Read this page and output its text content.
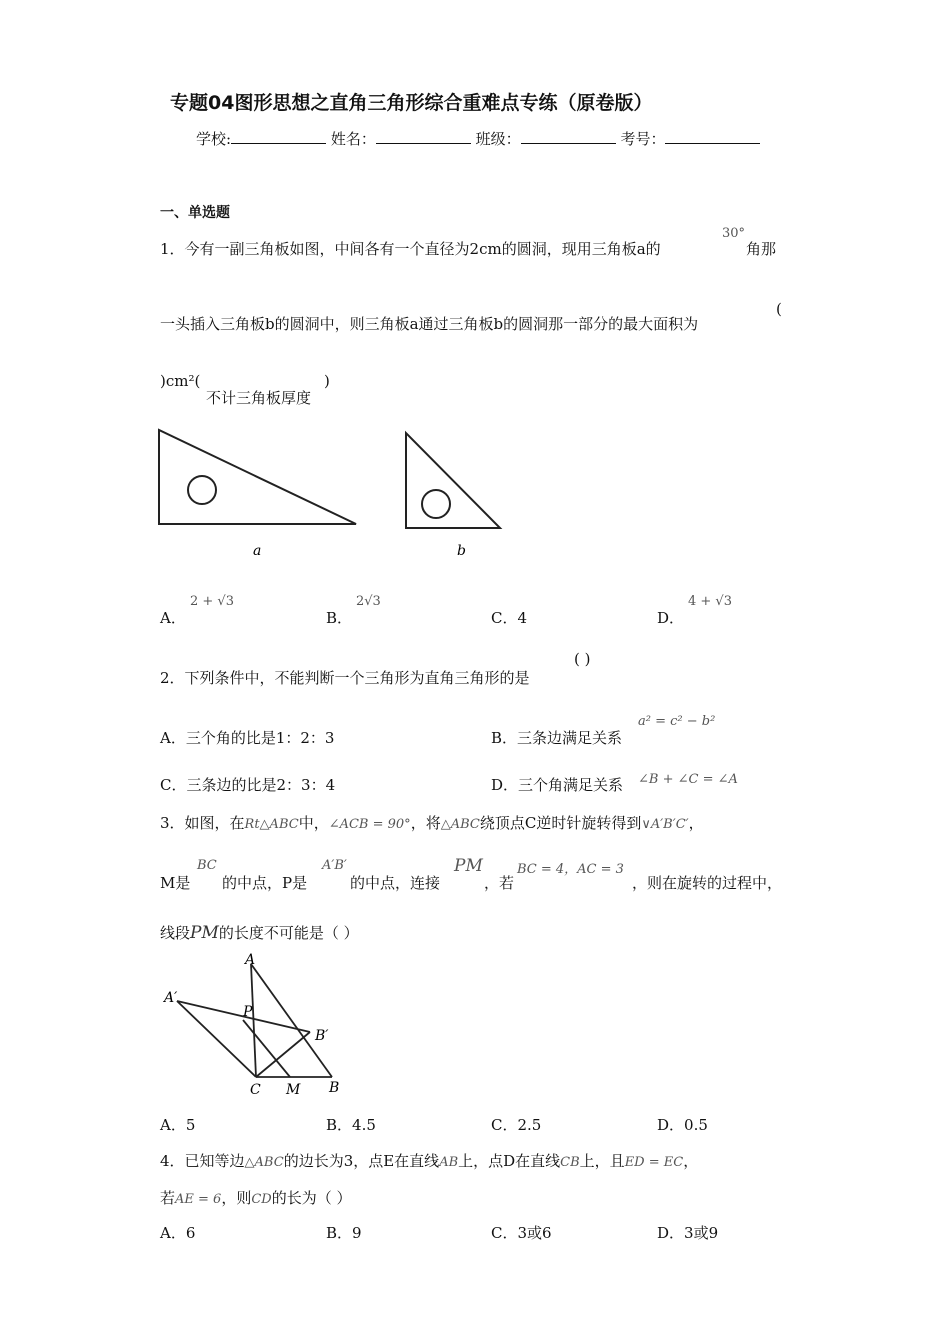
专题04图形思想之直角三角形综合重难点专练（原卷版）
学校:	姓名：	班级：	考号：
一、单选题
1．今有一副三角板如图，中间各有一个直径为2cm的圆洞，现用三角板a的
30°
角那
一头插入三角板b的圆洞中，则三角板a通过三角板b的圆洞那一部分的最大面积为
(
)cm²(
不计三角板厚度
)
a	b
A．
2 + √3
B．
2√3
C．4	D．
4 + √3
2．下列条件中，不能判断一个三角形为直角三角形的是
( )
A．三个角的比是1：2：3	B．三条边满足关系
a² = c² − b²
C．三条边的比是2：3：4	D．三个角满足关系 ∠B + ∠C = ∠A
3．如图，在Rt△ABC中，∠ACB = 90°，将△ABC绕顶点C逆时针旋转得到∨A′B′C′，
M是
BC
的中点，P是
A′B′
的中点，连接
PM
，若
BC = 4，AC = 3
，则在旋转的过程中，
线段PM的长度不可能是（ ）
A
A′
P
B′
C M B
A．5	B．4.5	C．2.5	D．0.5
4．已知等边△ABC的边长为3，点E在直线AB上，点D在直线CB上，且ED = EC，
若AE = 6，则CD的长为（ ）
A．6	B．9	C．3或6	D．3或9
